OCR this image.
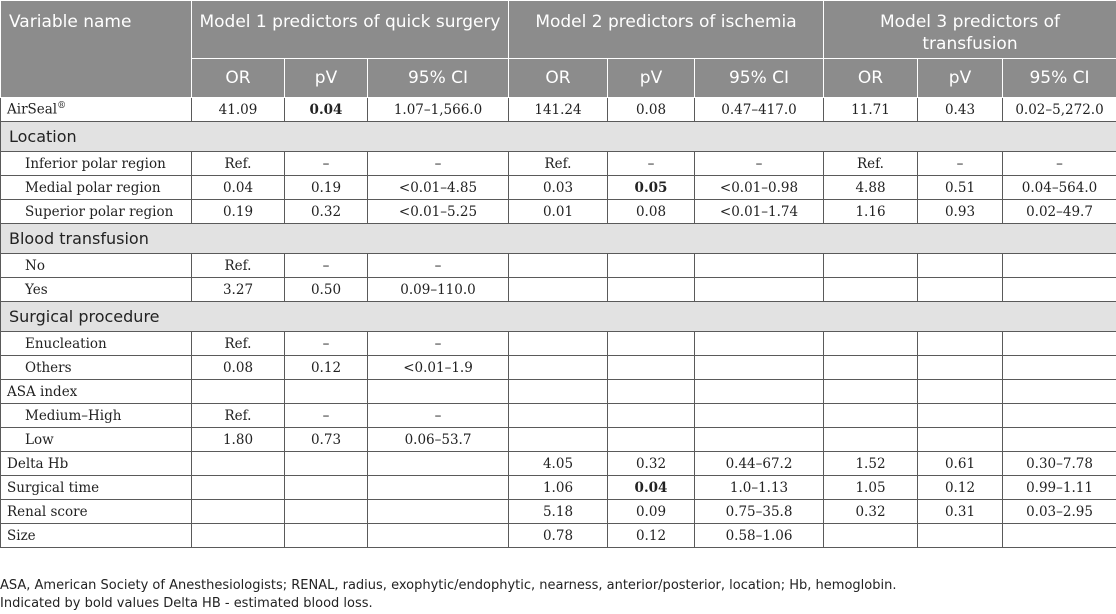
Variable name	Model 1 predictors of quick surgery			Model 2 predictors of ischemia			Model 3 predictors of transfusion		
	OR	pV	95% CI	OR	pV	95% CI	OR	pV	95% CI
AirSeal®	41.09	0.04	1.07–1,566.0	141.24	0.08	0.47–417.0	11.71	0.43	0.02–5,272.0
Location									
Inferior polar region	Ref.	–	–	Ref.	–	–	Ref.	–	–
Medial polar region	0.04	0.19	<0.01–4.85	0.03	0.05	<0.01–0.98	4.88	0.51	0.04–564.0
Superior polar region	0.19	0.32	<0.01–5.25	0.01	0.08	<0.01–1.74	1.16	0.93	0.02–49.7
Blood transfusion									
No	Ref.	–	–						
Yes	3.27	0.50	0.09–110.0						
Surgical procedure									
Enucleation	Ref.	–	–						
Others	0.08	0.12	<0.01–1.9						
ASA index									
Medium–High	Ref.	–	–						
Low	1.80	0.73	0.06–53.7						
Delta Hb				4.05	0.32	0.44–67.2	1.52	0.61	0.30–7.78
Surgical time				1.06	0.04	1.0–1.13	1.05	0.12	0.99–1.11
Renal score				5.18	0.09	0.75–35.8	0.32	0.31	0.03–2.95
Size				0.78	0.12	0.58–1.06			
ASA, American Society of Anesthesiologists; RENAL, radius, exophytic/endophytic, nearness, anterior/posterior, location; Hb, hemoglobin.
Indicated by bold values Delta HB - estimated blood loss.
